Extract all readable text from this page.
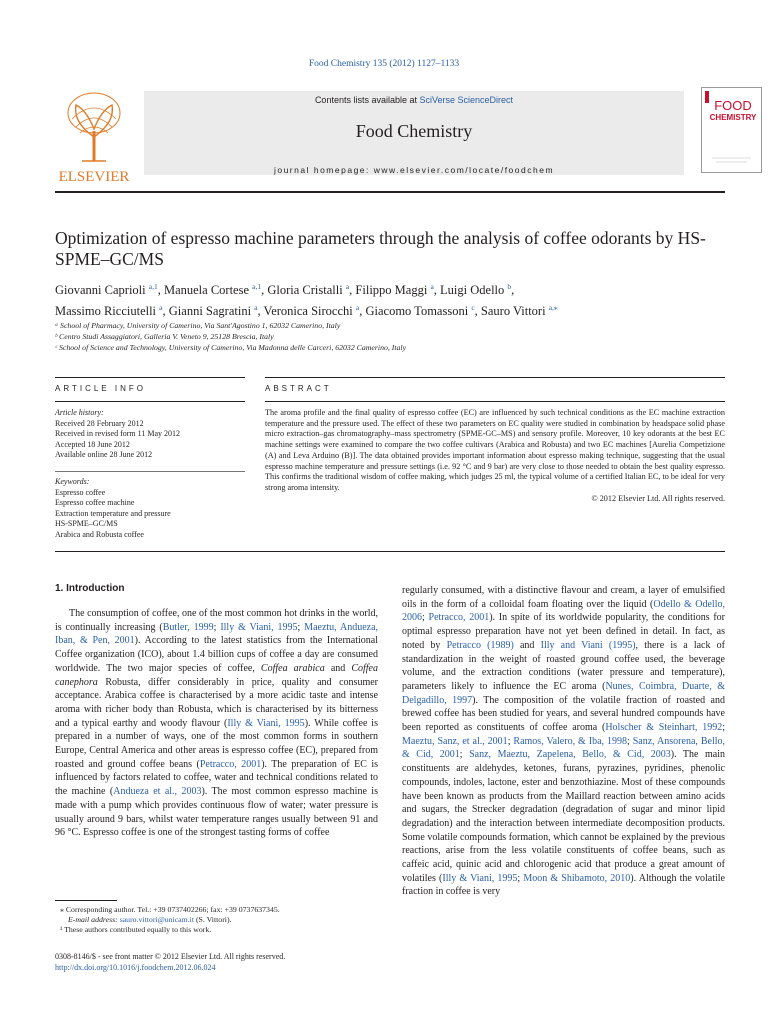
Food Chemistry 135 (2012) 1127–1133
ELSEVIER
Contents lists available at SciVerse ScienceDirect
Food Chemistry
journal homepage: www.elsevier.com/locate/foodchem
FOOD
CHEMISTRY
Optimization of espresso machine parameters through the analysis of coffee odorants by HS-SPME–GC/MS
Giovanni Caprioli $^{a,1}$, Manuela Cortese $^{a,1}$, Gloria Cristalli $^a$, Filippo Maggi $^a$, Luigi Odello $^b$,
Massimo Ricciutelli $^a$, Gianni Sagratini $^a$, Veronica Sirocchi $^a$, Giacomo Tomassoni $^c$, Sauro Vittori $^{a,⁎}$
ᵃ School of Pharmacy, University of Camerino, Via Sant'Agostino 1, 62032 Camerino, Italy
ᵇ Centro Studi Assaggiatori, Galleria V. Veneto 9, 25128 Brescia, Italy
ᶜ School of Science and Technology, University of Camerino, Via Madonna delle Carceri, 62032 Camerino, Italy
ARTICLE INFO	ABSTRACT
Article history:
Received 28 February 2012
Received in revised form 11 May 2012
Accepted 18 June 2012
Available online 28 June 2012
Keywords:
Espresso coffee
Espresso coffee machine
Extraction temperature and pressure
HS-SPME–GC/MS
Arabica and Robusta coffee
The aroma profile and the final quality of espresso coffee (EC) are influenced by such technical conditions as the EC machine extraction temperature and the pressure used. The effect of these two parameters on EC quality were studied in combination by headspace solid phase micro extraction–gas chromatography–mass spectrometry (SPME-GC–MS) and sensory profile. Moreover, 10 key odorants at the best EC machine settings were examined to compare the two coffee cultivars (Arabica and Robusta) and two EC machines [Aurelia Competizione (A) and Leva Arduino (B)]. The data obtained provides important information about espresso making technique, suggesting that the usual espresso machine temperature and pressure settings (i.e. 92 °C and 9 bar) are very close to those needed to obtain the best quality espresso. This confirms the traditional wisdom of coffee making, which judges 25 ml, the typical volume of a certified Italian EC, to be ideal for very strong aroma intensity.
© 2012 Elsevier Ltd. All rights reserved.
1. Introduction

The consumption of coffee, one of the most common hot drinks in the world, is continually increasing (Butler, 1999; Illy & Viani, 1995; Maeztu, Andueza, Iban, & Pen, 2001). According to the latest statistics from the International Coffee organization (ICO), about 1.4 billion cups of coffee a day are consumed worldwide. The two major species of coffee, Coffea arabica and Coffea canephora Robusta, differ considerably in price, quality and consumer acceptance. Arabica coffee is characterised by a more acidic taste and intense aroma with richer body than Robusta, which is characterised by its bitterness and a typical earthy and woody flavour (Illy & Viani, 1995). While coffee is prepared in a number of ways, one of the most common forms in southern Europe, Central America and other areas is espresso coffee (EC), prepared from roasted and ground coffee beans (Petracco, 2001). The preparation of EC is influenced by factors related to coffee, water and technical conditions related to the machine (Andueza et al., 2003). The most common espresso machine is made with a pump which provides continuous flow of water; water pressure is usually around 9 bars, whilst water temperature ranges usually between 91 and 96 °C. Espresso coffee is one of the strongest tasting forms of coffee

regularly consumed, with a distinctive flavour and cream, a layer of emulsified oils in the form of a colloidal foam floating over the liquid (Odello & Odello, 2006; Petracco, 2001). In spite of its worldwide popularity, the conditions for optimal espresso preparation have not yet been defined in detail. In fact, as noted by Petracco (1989) and Illy and Viani (1995), there is a lack of standardization in the weight of roasted ground coffee used, the beverage volume, and the extraction conditions (water pressure and temperature), parameters likely to influence the EC aroma (Nunes, Coimbra, Duarte, & Delgadillo, 1997). The composition of the volatile fraction of roasted and brewed coffee has been studied for years, and several hundred compounds have been reported as constituents of coffee aroma (Holscher & Steinhart, 1992; Maeztu, Sanz, et al., 2001; Ramos, Valero, & Iba, 1998; Sanz, Ansorena, Bello, & Cid, 2001; Sanz, Maeztu, Zapelena, Bello, & Cid, 2003). The main constituents are aldehydes, ketones, furans, pyrazines, pyridines, phenolic compounds, indoles, lactone, ester and benzothiazine. Most of these compounds have been known as products from the Maillard reaction between amino acids and sugars, the Strecker degradation (degradation of sugar and minor lipid degradation) and the interaction between intermediate decomposition products. Some volatile compounds formation, which cannot be explained by the previous reactions, arise from the less volatile constituents of coffee beans, such as caffeic acid, quinic acid and chlorogenic acid that produce a great amount of volatiles (Illy & Viani, 1995; Moon & Shibamoto, 2010). Although the volatile fraction in coffee is very

⁎ Corresponding author. Tel.: +39 0737402266; fax: +39 0737637345.
E-mail address: sauro.vittori@unicam.it (S. Vittori).
¹ These authors contributed equally to this work.
0308-8146/$ - see front matter © 2012 Elsevier Ltd. All rights reserved.
http://dx.doi.org/10.1016/j.foodchem.2012.06.024
